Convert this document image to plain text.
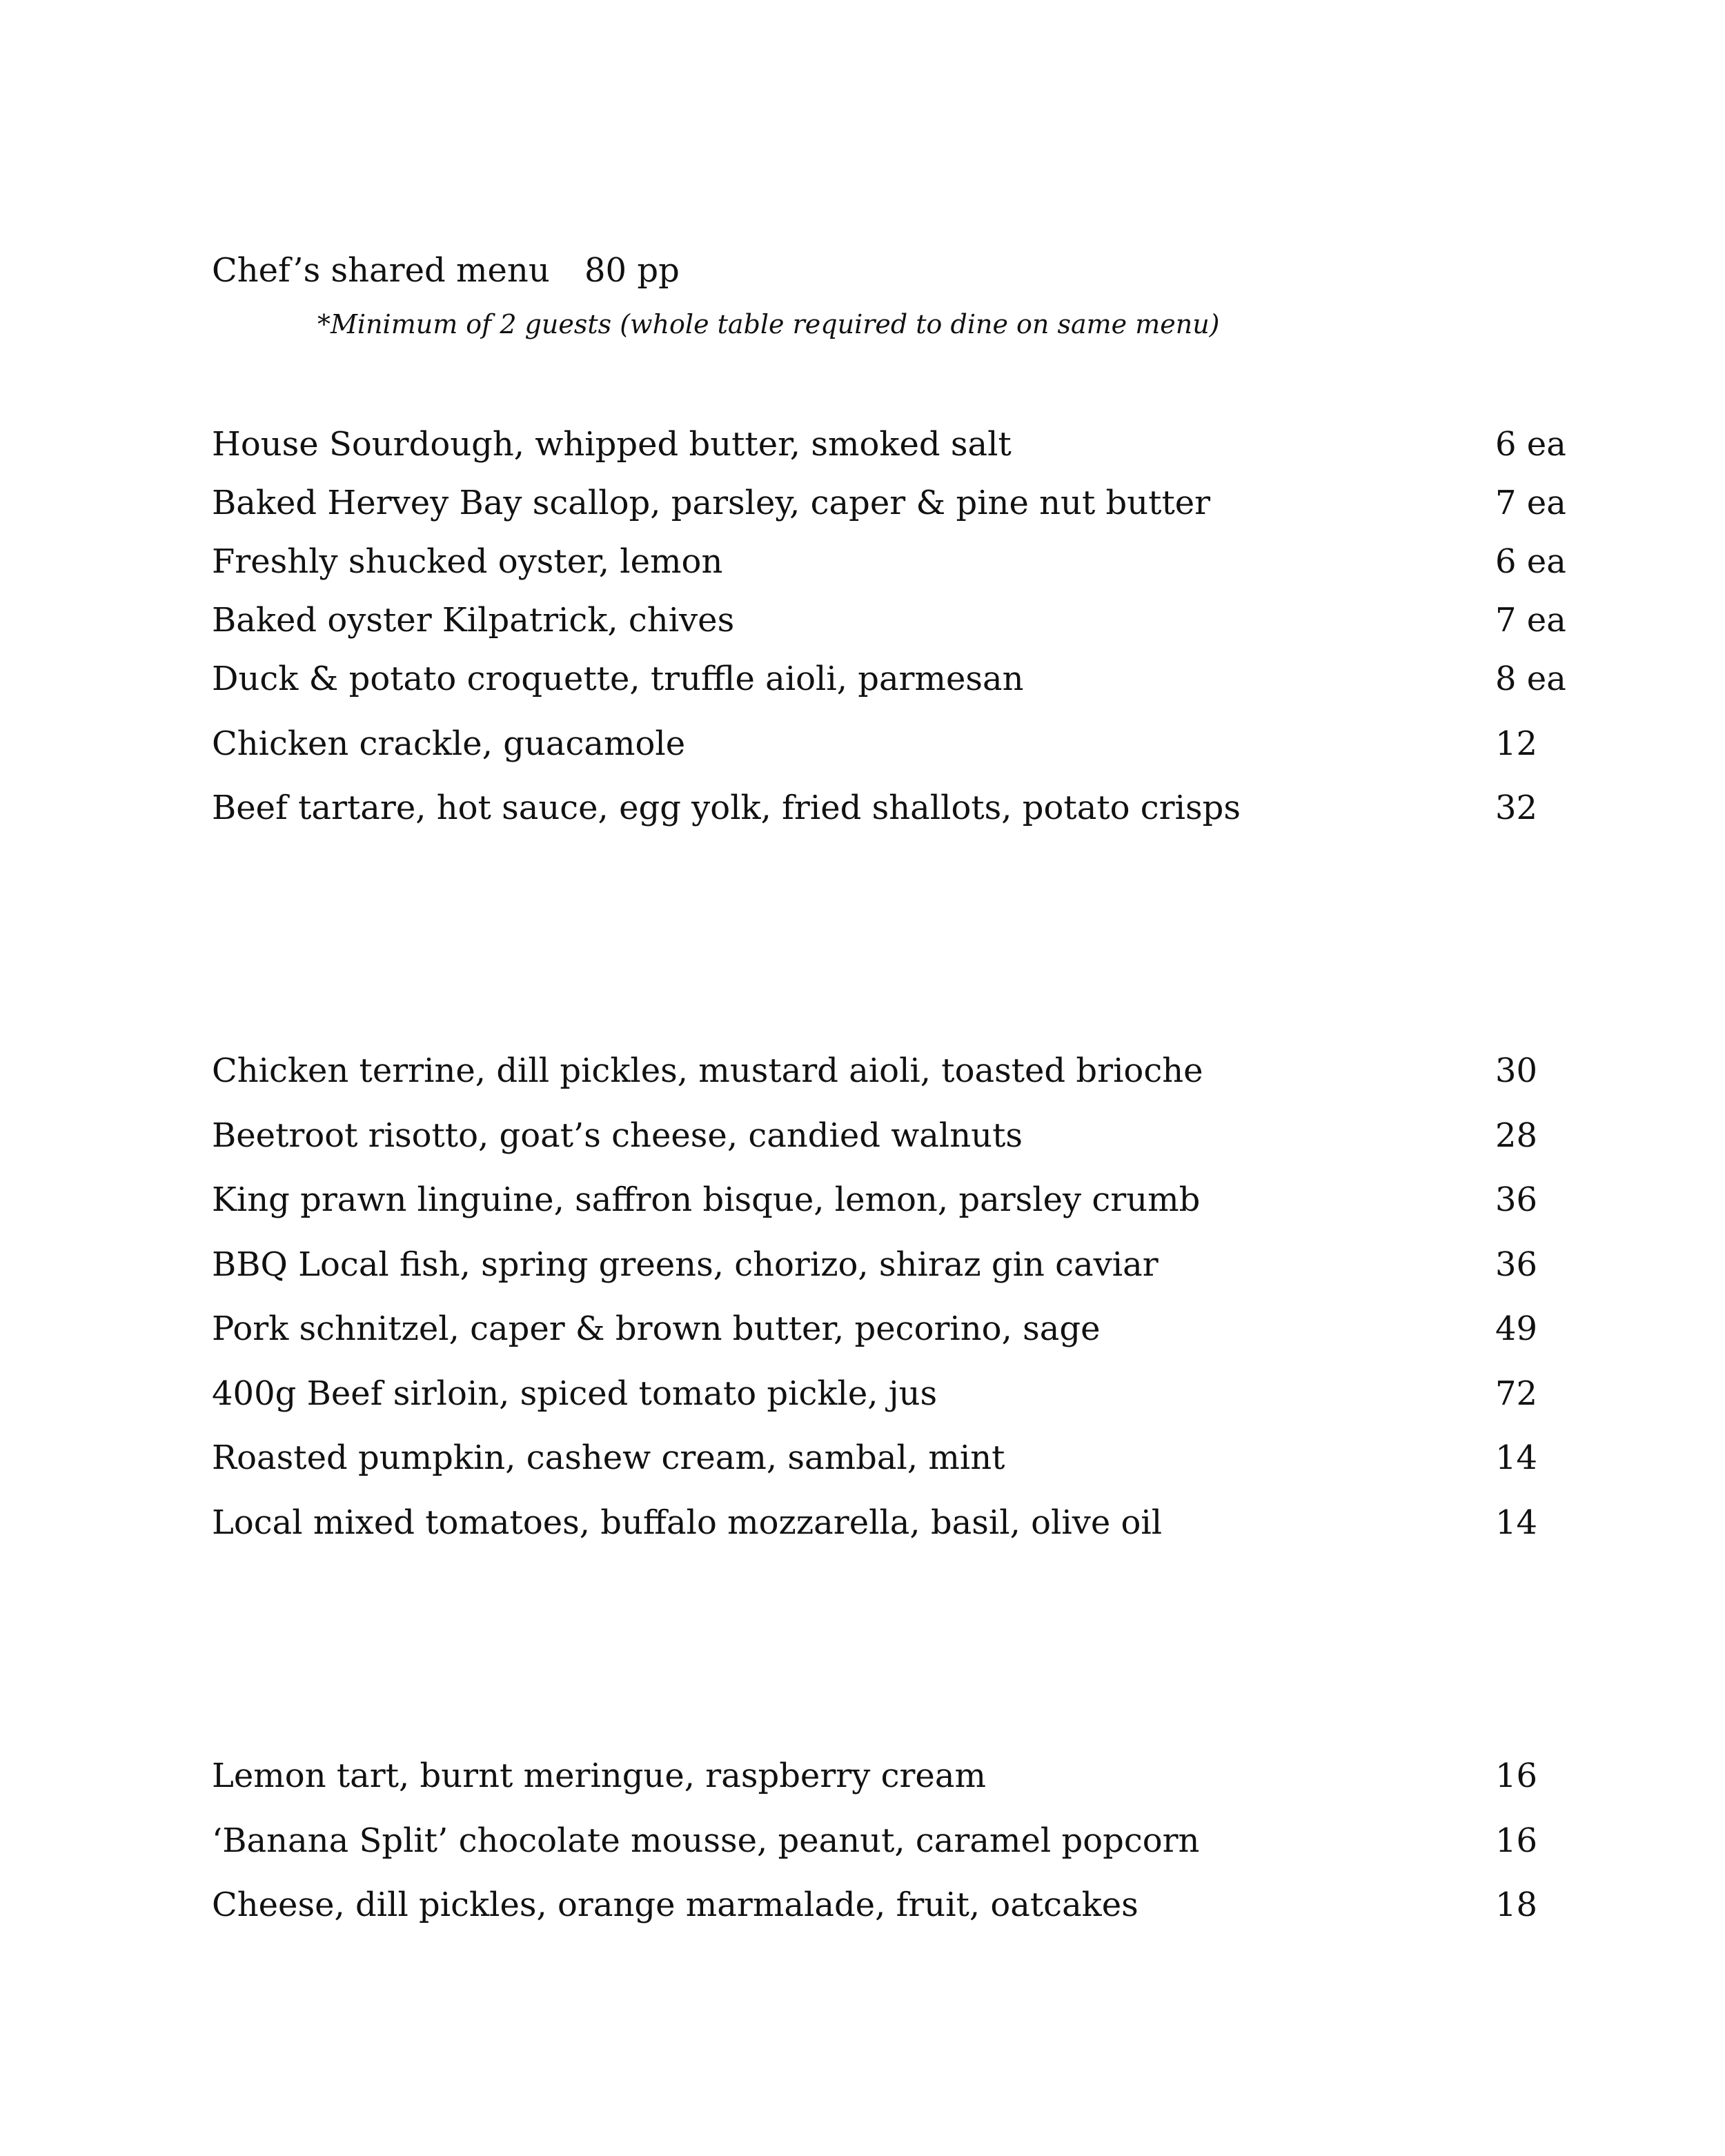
Chef’s shared menu 80 pp
*Minimum of 2 guests (whole table required to dine on same menu)
House Sourdough, whipped butter, smoked salt	6 ea
Baked Hervey Bay scallop, parsley, caper & pine nut butter	7 ea
Freshly shucked oyster, lemon	6 ea
Baked oyster Kilpatrick, chives	7 ea
Duck & potato croquette, truffle aioli, parmesan	8 ea
Chicken crackle, guacamole	12
Beef tartare, hot sauce, egg yolk, fried shallots, potato crisps	32
Chicken terrine, dill pickles, mustard aioli, toasted brioche	30
Beetroot risotto, goat’s cheese, candied walnuts	28
King prawn linguine, saffron bisque, lemon, parsley crumb	36
BBQ Local fish, spring greens, chorizo, shiraz gin caviar	36
Pork schnitzel, caper & brown butter, pecorino, sage	49
400g Beef sirloin, spiced tomato pickle, jus	72
Roasted pumpkin, cashew cream, sambal, mint	14
Local mixed tomatoes, buffalo mozzarella, basil, olive oil	14
Lemon tart, burnt meringue, raspberry cream	16
‘Banana Split’ chocolate mousse, peanut, caramel popcorn	16
Cheese, dill pickles, orange marmalade, fruit, oatcakes	18
